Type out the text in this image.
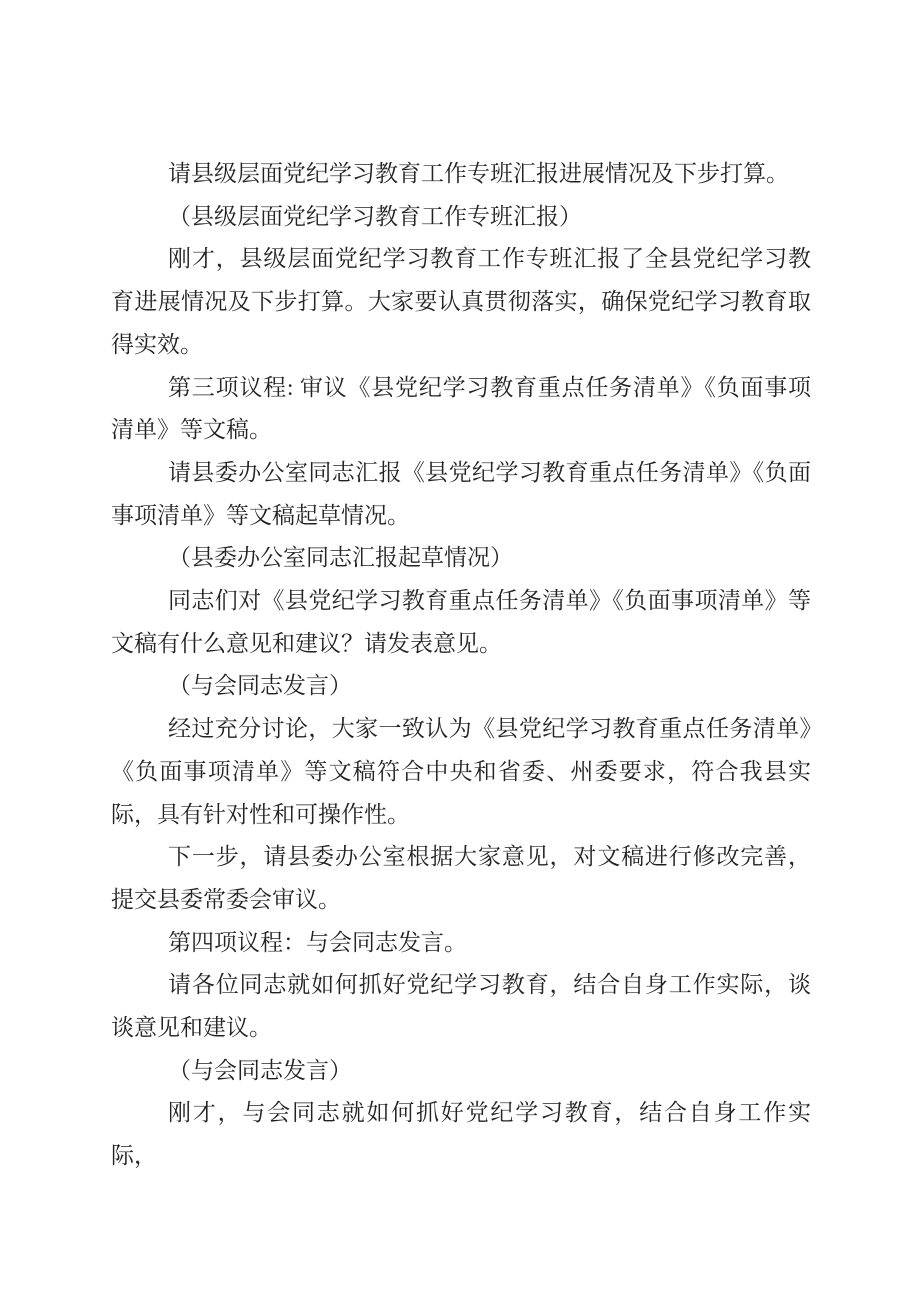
请县级层面党纪学习教育工作专班汇报进展情况及下步打算。

（县级层面党纪学习教育工作专班汇报）

刚才，县级层面党纪学习教育工作专班汇报了全县党纪学习教育进展情况及下步打算。大家要认真贯彻落实，确保党纪学习教育取得实效。

第三项议程: 审议《县党纪学习教育重点任务清单》《负面事项清单》等文稿。

请县委办公室同志汇报《县党纪学习教育重点任务清单》《负面事项清单》等文稿起草情况。

（县委办公室同志汇报起草情况）

同志们对《县党纪学习教育重点任务清单》《负面事项清单》等文稿有什么意见和建议？请发表意见。

（与会同志发言）

经过充分讨论，大家一致认为《县党纪学习教育重点任务清单》《负面事项清单》等文稿符合中央和省委、州委要求，符合我县实际，具有针对性和可操作性。

下一步，请县委办公室根据大家意见，对文稿进行修改完善，提交县委常委会审议。

第四项议程：与会同志发言。

请各位同志就如何抓好党纪学习教育，结合自身工作实际，谈谈意见和建议。

（与会同志发言）

刚才，与会同志就如何抓好党纪学习教育，结合自身工作实际，
